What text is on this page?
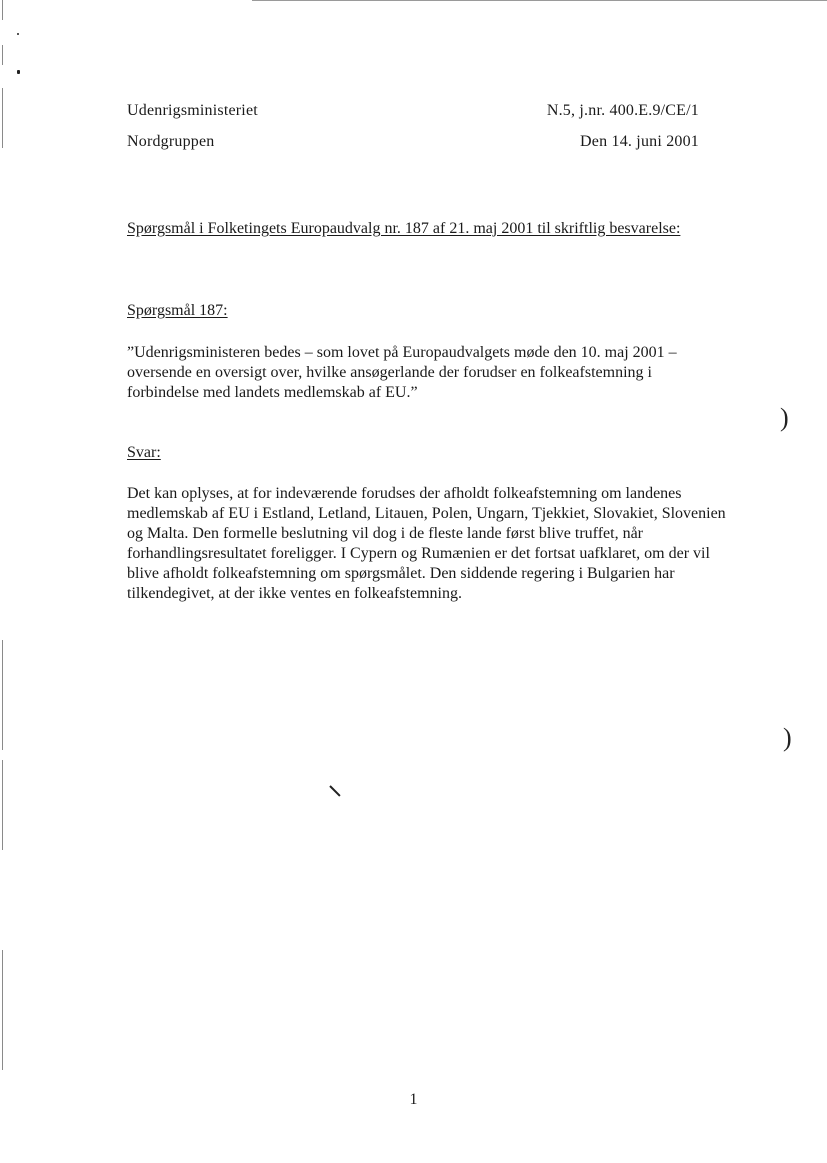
)
)
Udenrigsministeriet
Nordgruppen
N.5, j.nr. 400.E.9/CE/1
Den 14. juni 2001
Spørgsmål i Folketingets Europaudvalg nr. 187 af 21. maj 2001 til skriftlig besvarelse:
Spørgsmål 187:
”Udenrigsministeren bedes – som lovet på Europaudvalgets møde den 10. maj 2001 – oversende en oversigt over, hvilke ansøgerlande der forudser en folkeafstemning i forbindelse med landets medlemskab af EU.”
Svar:
Det kan oplyses, at for indeværende forudses der afholdt folkeafstemning om landenes medlemskab af EU i Estland, Letland, Litauen, Polen, Ungarn, Tjekkiet, Slovakiet, Slovenien og Malta. Den formelle beslutning vil dog i de fleste lande først blive truffet, når forhandlingsresultatet foreligger. I Cypern og Rumænien er det fortsat uafklaret, om der vil blive afholdt folkeafstemning om spørgsmålet. Den siddende regering i Bulgarien har tilkendegivet, at der ikke ventes en folkeafstemning.
1
